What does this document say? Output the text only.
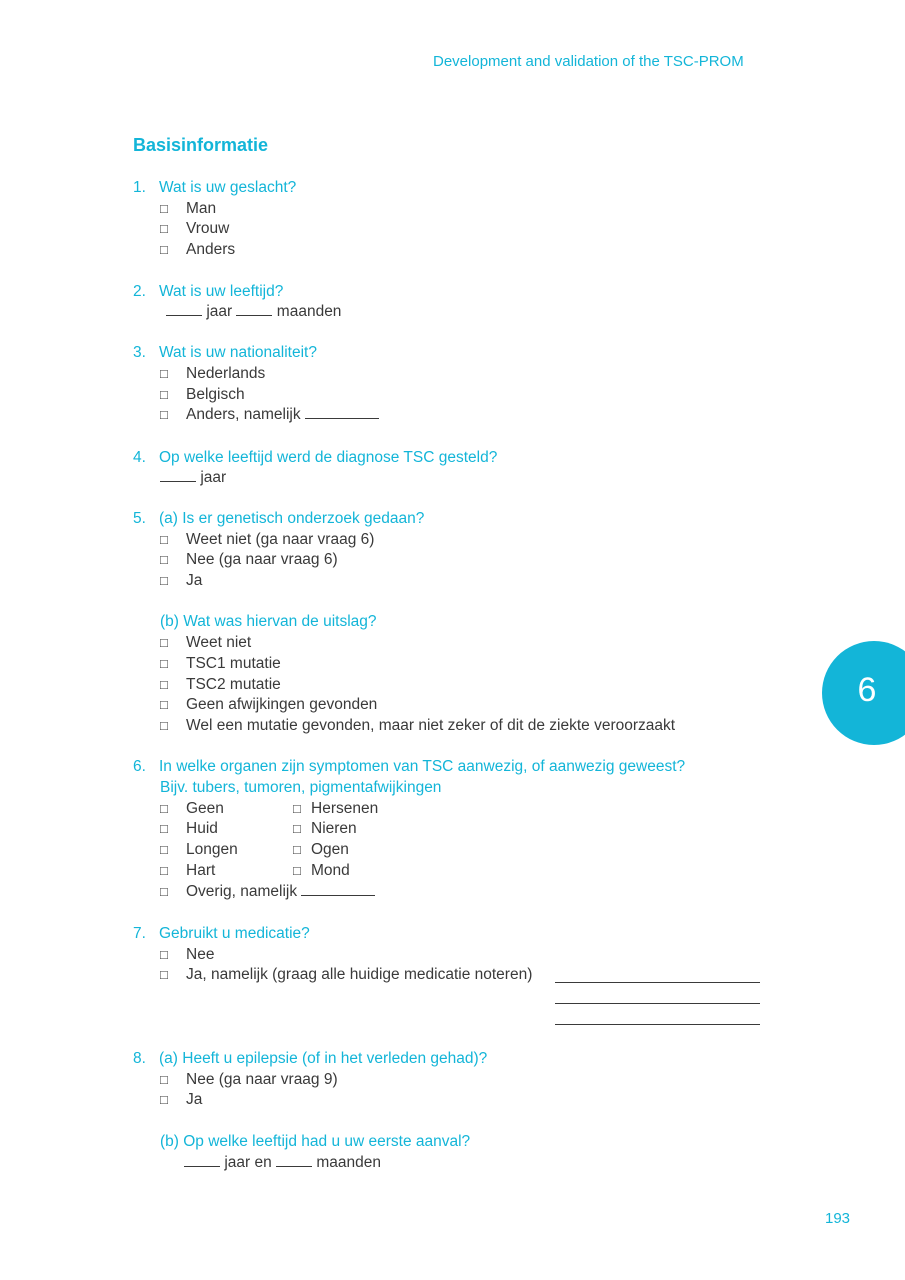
Development and validation of the TSC-PROM
Basisinformatie
1. Wat is uw geslacht?
□ Man
□ Vrouw
□ Anders
2. Wat is uw leeftijd?
jaar	maanden
3. Wat is uw nationaliteit?
□ Nederlands
□ Belgisch
□ Anders, namelijk
4. Op welke leeftijd werd de diagnose TSC gesteld?
jaar
5. (a) Is er genetisch onderzoek gedaan?
□ Weet niet (ga naar vraag 6)
□ Nee (ga naar vraag 6)
□ Ja
(b) Wat was hiervan de uitslag?
□ Weet niet
□ TSC1 mutatie
□ TSC2 mutatie
□ Geen afwijkingen gevonden
□ Wel een mutatie gevonden, maar niet zeker of dit de ziekte veroorzaakt
6. In welke organen zijn symptomen van TSC aanwezig, of aanwezig geweest?
Bijv. tubers, tumoren, pigmentafwijkingen
□ Geen
□ Huid
□ Longen
□ Hart
□ Hersenen
□ Nieren
□ Ogen
□ Mond
□ Overig, namelijk
7. Gebruikt u medicatie?
□ Nee
□ Ja, namelijk (graag alle huidige medicatie noteren)
8. (a) Heeft u epilepsie (of in het verleden gehad)?
□ Nee (ga naar vraag 9)
□ Ja
(b) Op welke leeftijd had u uw eerste aanval?
jaar en	maanden
6
193
